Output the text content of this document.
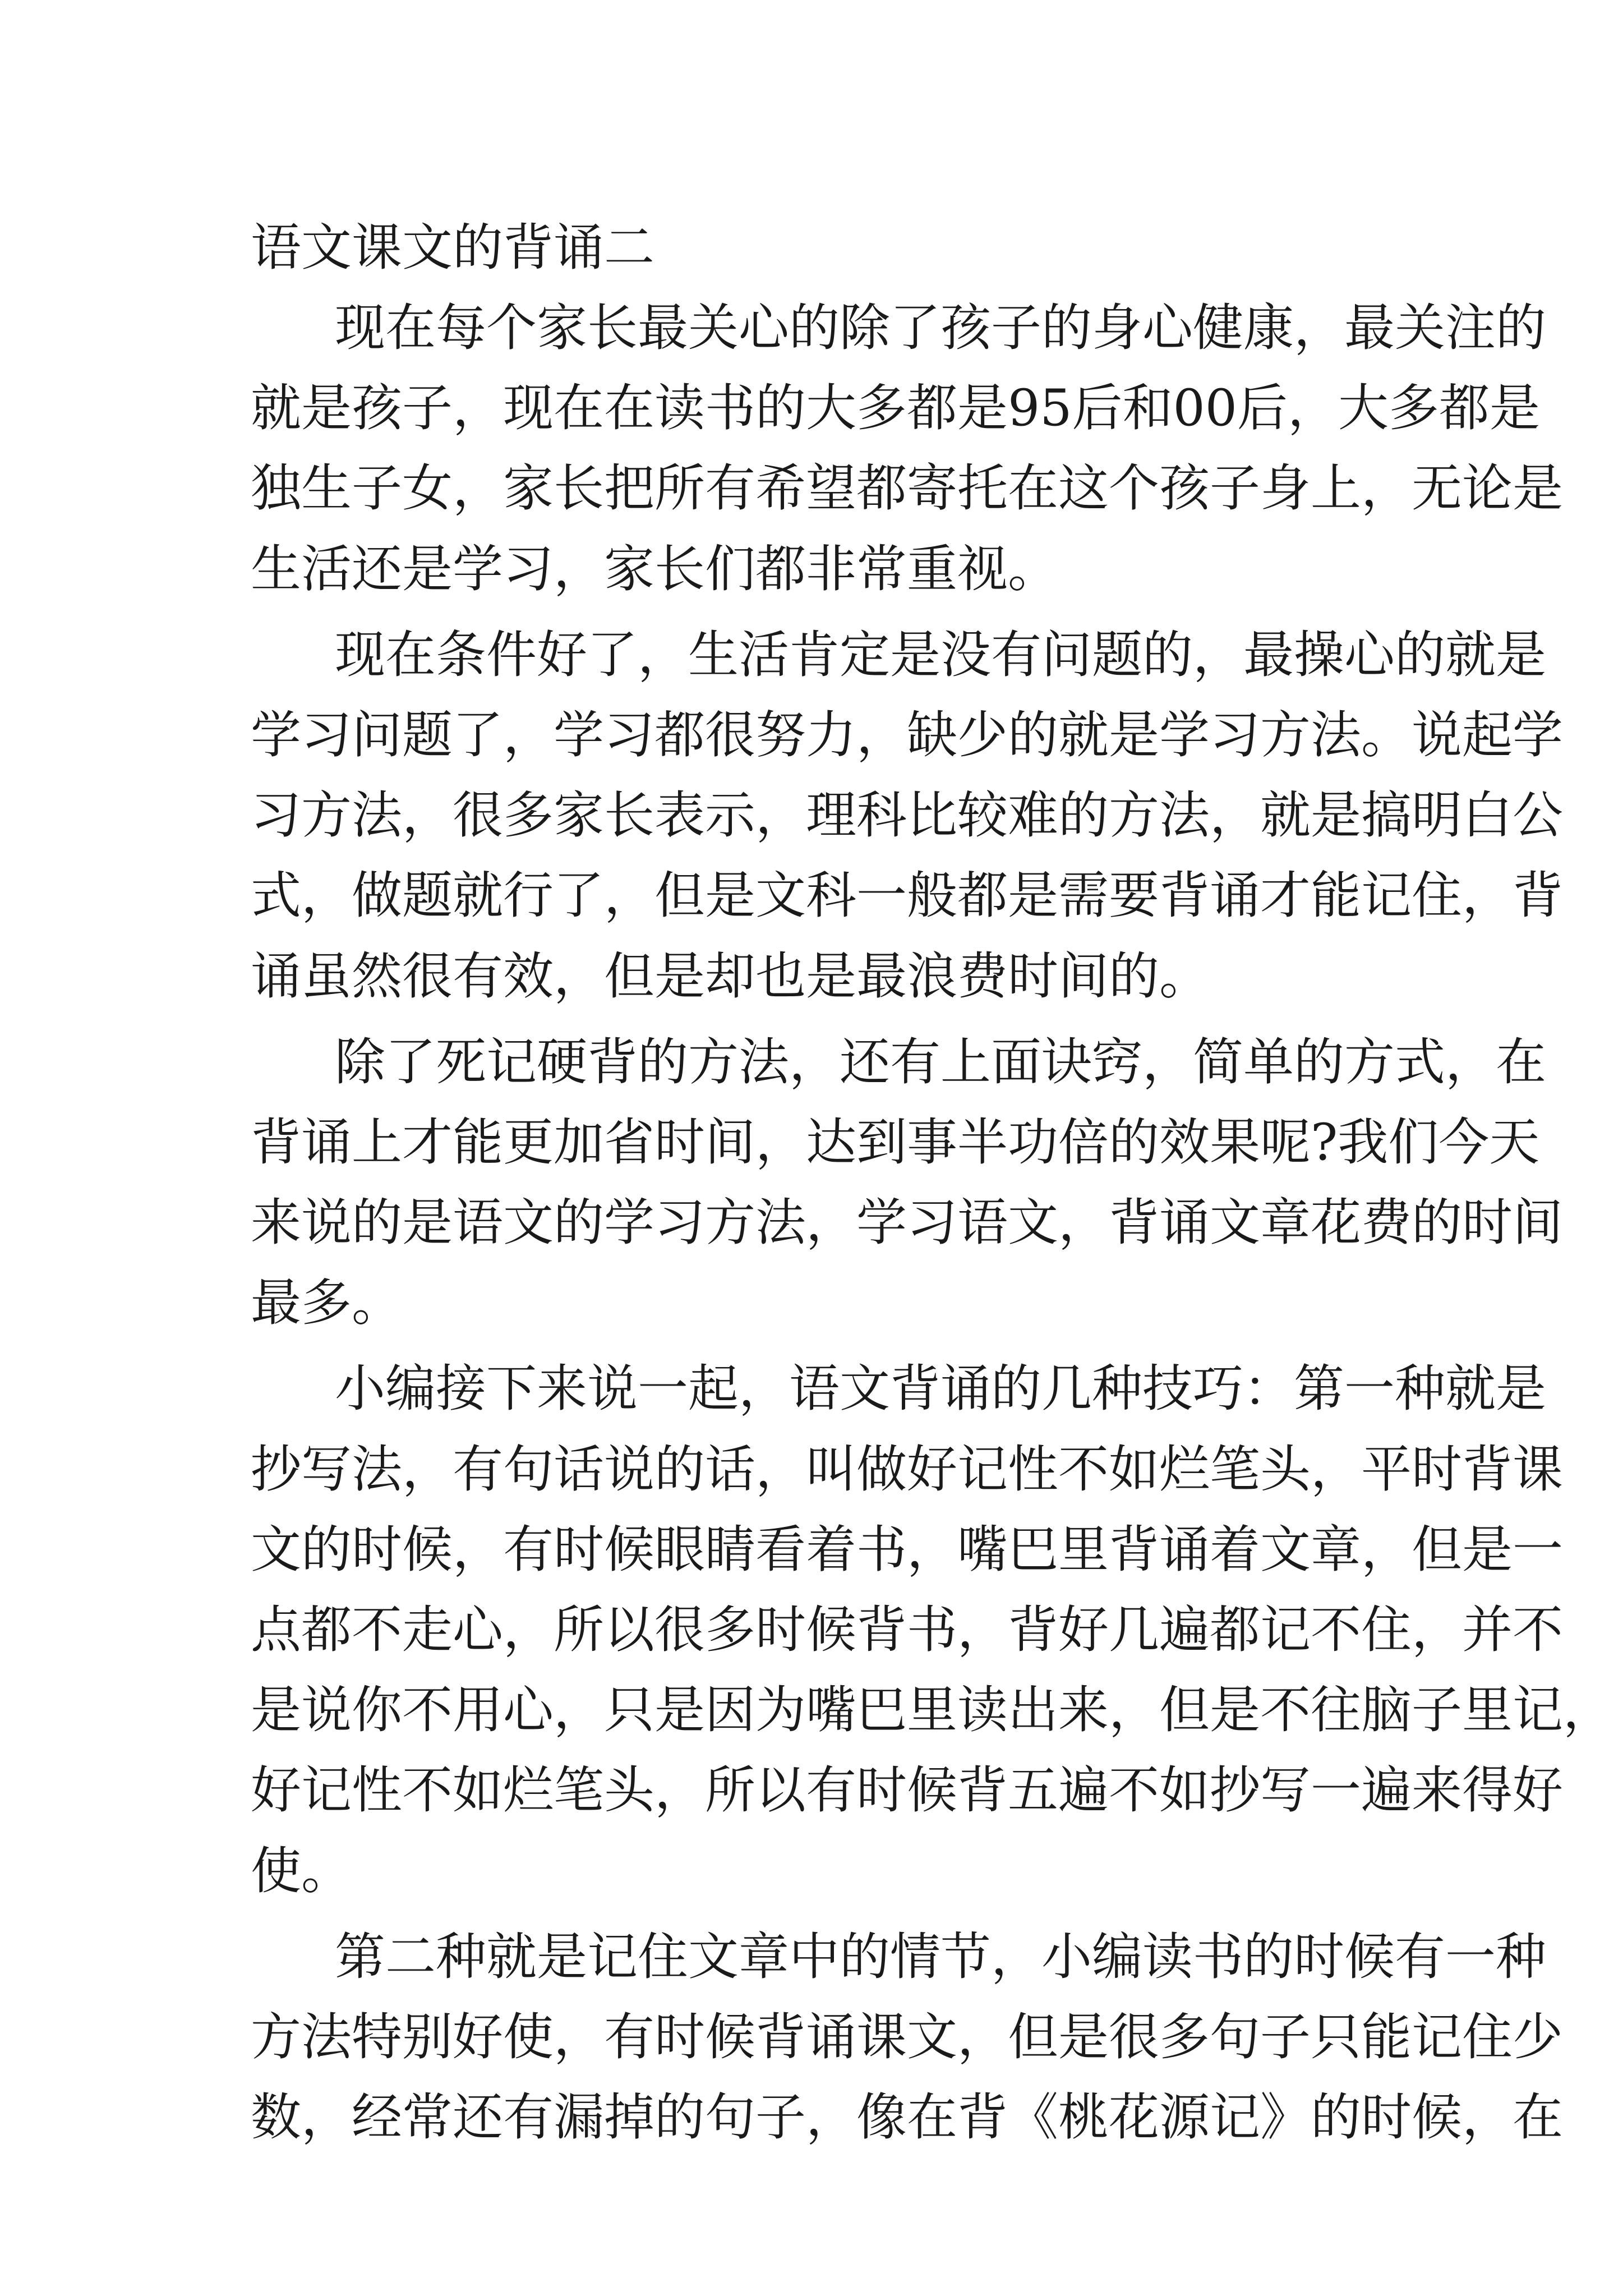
语文课文的背诵二

现在每个家长最关心的除了孩子的身心健康，最关注的
就是孩子，现在在读书的大多都是95后和00后，大多都是
独生子女，家长把所有希望都寄托在这个孩子身上，无论是
生活还是学习，家长们都非常重视。

现在条件好了，生活肯定是没有问题的，最操心的就是
学习问题了，学习都很努力，缺少的就是学习方法。说起学
习方法，很多家长表示，理科比较难的方法，就是搞明白公
式，做题就行了，但是文科一般都是需要背诵才能记住，背
诵虽然很有效，但是却也是最浪费时间的。

除了死记硬背的方法，还有上面诀窍，简单的方式，在
背诵上才能更加省时间，达到事半功倍的效果呢?我们今天
来说的是语文的学习方法，学习语文，背诵文章花费的时间
最多。

小编接下来说一起，语文背诵的几种技巧：第一种就是
抄写法，有句话说的话，叫做好记性不如烂笔头，平时背课
文的时候，有时候眼睛看着书，嘴巴里背诵着文章，但是一
点都不走心，所以很多时候背书，背好几遍都记不住，并不
是说你不用心，只是因为嘴巴里读出来，但是不往脑子里记，
好记性不如烂笔头，所以有时候背五遍不如抄写一遍来得好
使。

第二种就是记住文章中的情节，小编读书的时候有一种
方法特别好使，有时候背诵课文，但是很多句子只能记住少
数，经常还有漏掉的句子，像在背《桃花源记》的时候，在
